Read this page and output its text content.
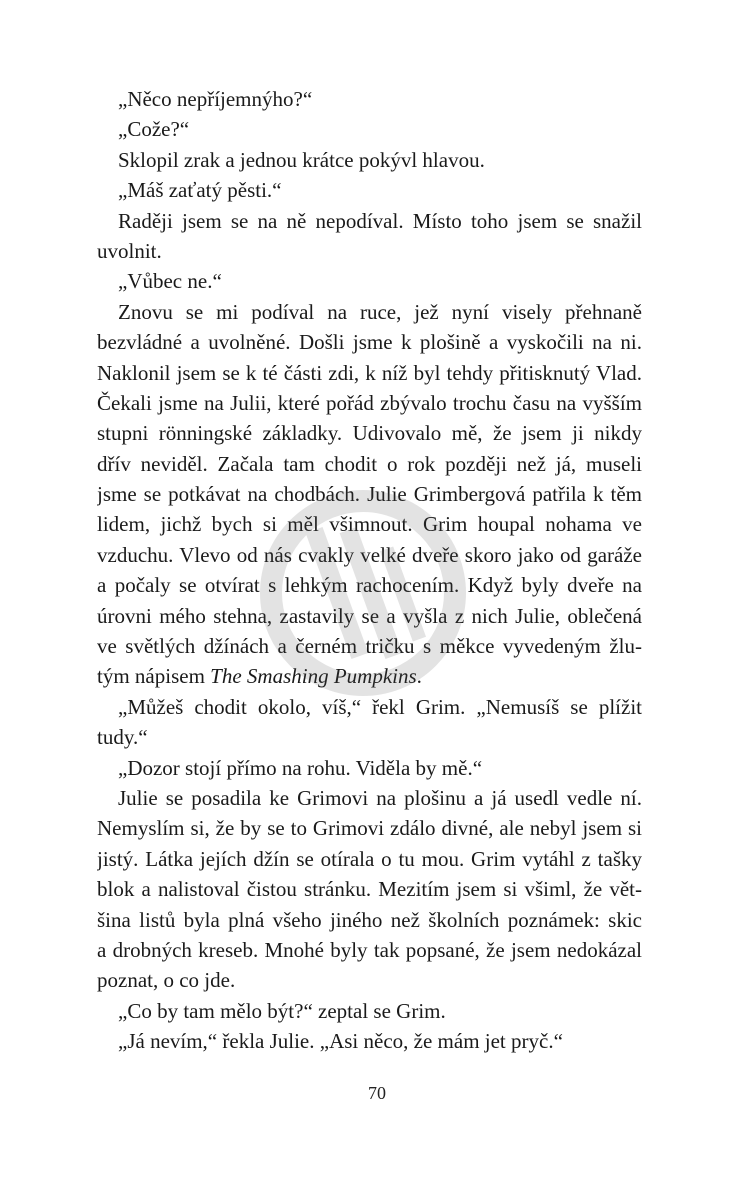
„Něco nepříjemnýho?“

„Cože?“

Sklopil zrak a jednou krátce pokývl hlavou.

„Máš zaťatý pěsti.“

Raději jsem se na ně nepodíval. Místo toho jsem se snažil

uvolnit.

„Vůbec ne.“

Znovu se mi podíval na ruce, jež nyní visely přehnaně

bezvládné a uvolněné. Došli jsme k plošině a vyskočili na ni.

Naklonil jsem se k té části zdi, k níž byl tehdy přitisknutý Vlad.

Čekali jsme na Julii, které pořád zbývalo trochu času na vyšším

stupni rönningské základky. Udivovalo mě, že jsem ji nikdy

dřív neviděl. Začala tam chodit o rok později než já, museli

jsme se potkávat na chodbách. Julie Grimbergová patřila k těm

lidem, jichž bych si měl všimnout. Grim houpal nohama ve

vzduchu. Vlevo od nás cvakly velké dveře skoro jako od garáže

a počaly se otvírat s lehkým rachocením. Když byly dveře na

úrovni mého stehna, zastavily se a vyšla z nich Julie, oblečená

ve světlých džínách a černém tričku s měkce vyvedeným žlu-

tým nápisem The Smashing Pumpkins.

„Můžeš chodit okolo, víš,“ řekl Grim. „Nemusíš se plížit

tudy.“

„Dozor stojí přímo na rohu. Viděla by mě.“

Julie se posadila ke Grimovi na plošinu a já usedl vedle ní.

Nemyslím si, že by se to Grimovi zdálo divné, ale nebyl jsem si

jistý. Látka jejích džín se otírala o tu mou. Grim vytáhl z tašky

blok a nalistoval čistou stránku. Mezitím jsem si všiml, že vět-

šina listů byla plná všeho jiného než školních poznámek: skic

a drobných kreseb. Mnohé byly tak popsané, že jsem nedokázal

poznat, o co jde.

„Co by tam mělo být?“ zeptal se Grim.

„Já nevím,“ řekla Julie. „Asi něco, že mám jet pryč.“

70
